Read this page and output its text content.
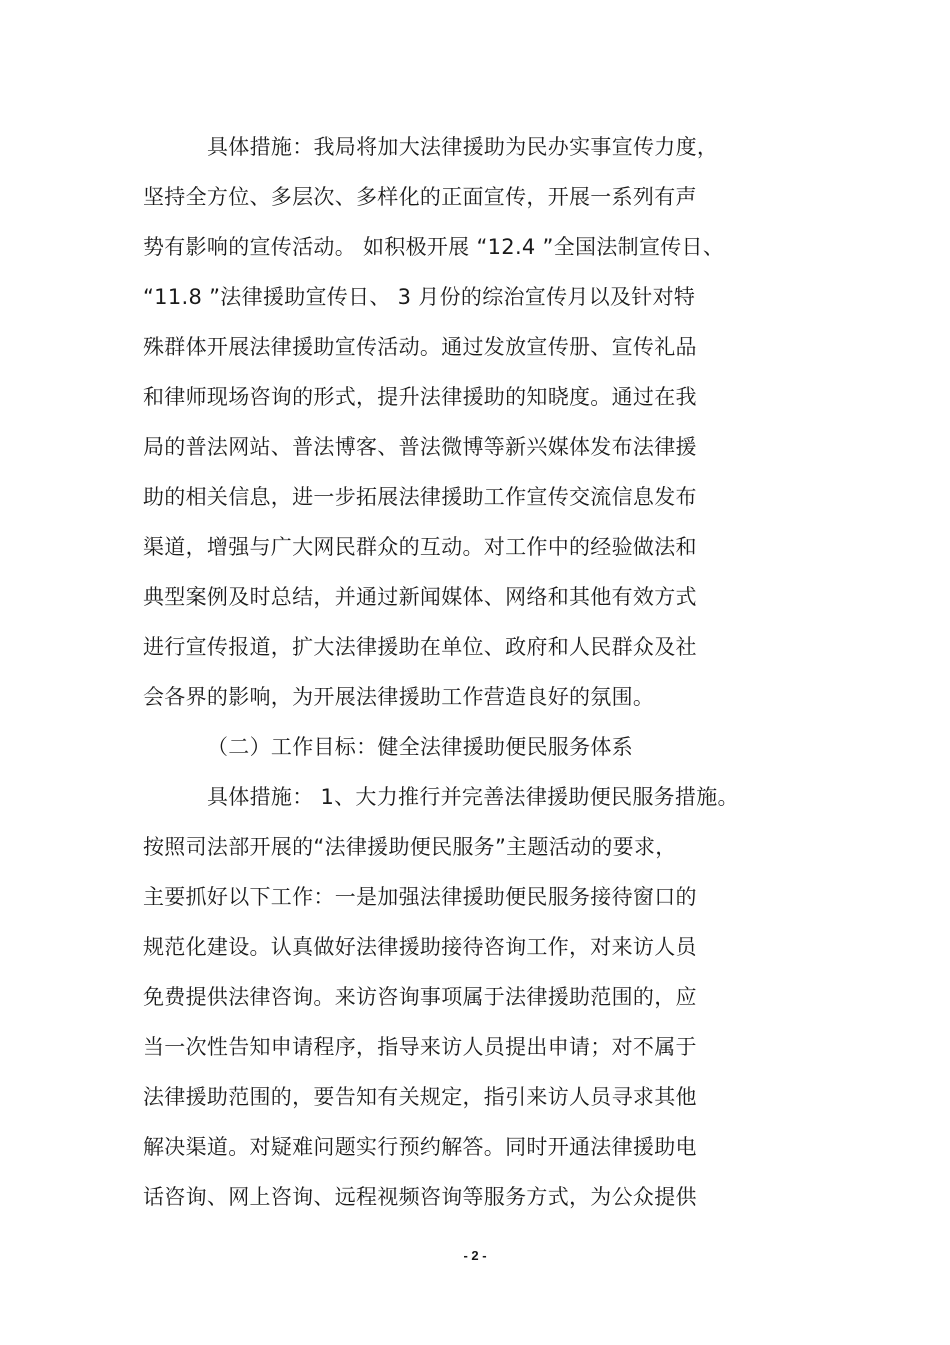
具体措施：我局将加大法律援助为民办实事宣传力度，
坚持全方位、多层次、多样化的正面宣传，开展一系列有声
势有影响的宣传活动。 如积极开展 “12.4 ”全国法制宣传日、
“11.8 ”法律援助宣传日、 3 月份的综治宣传月以及针对特
殊群体开展法律援助宣传活动。通过发放宣传册、宣传礼品
和律师现场咨询的形式，提升法律援助的知晓度。通过在我
局的普法网站、普法博客、普法微博等新兴媒体发布法律援
助的相关信息，进一步拓展法律援助工作宣传交流信息发布
渠道，增强与广大网民群众的互动。对工作中的经验做法和
典型案例及时总结，并通过新闻媒体、网络和其他有效方式
进行宣传报道，扩大法律援助在单位、政府和人民群众及社
会各界的影响，为开展法律援助工作营造良好的氛围。
（二）工作目标：健全法律援助便民服务体系
具体措施： 1、大力推行并完善法律援助便民服务措施。
按照司法部开展的“法律援助便民服务”主题活动的要求，
主要抓好以下工作：一是加强法律援助便民服务接待窗口的
规范化建设。认真做好法律援助接待咨询工作，对来访人员
免费提供法律咨询。来访咨询事项属于法律援助范围的，应
当一次性告知申请程序，指导来访人员提出申请；对不属于
法律援助范围的，要告知有关规定，指引来访人员寻求其他
解决渠道。对疑难问题实行预约解答。同时开通法律援助电
话咨询、网上咨询、远程视频咨询等服务方式，为公众提供
- 2 -
